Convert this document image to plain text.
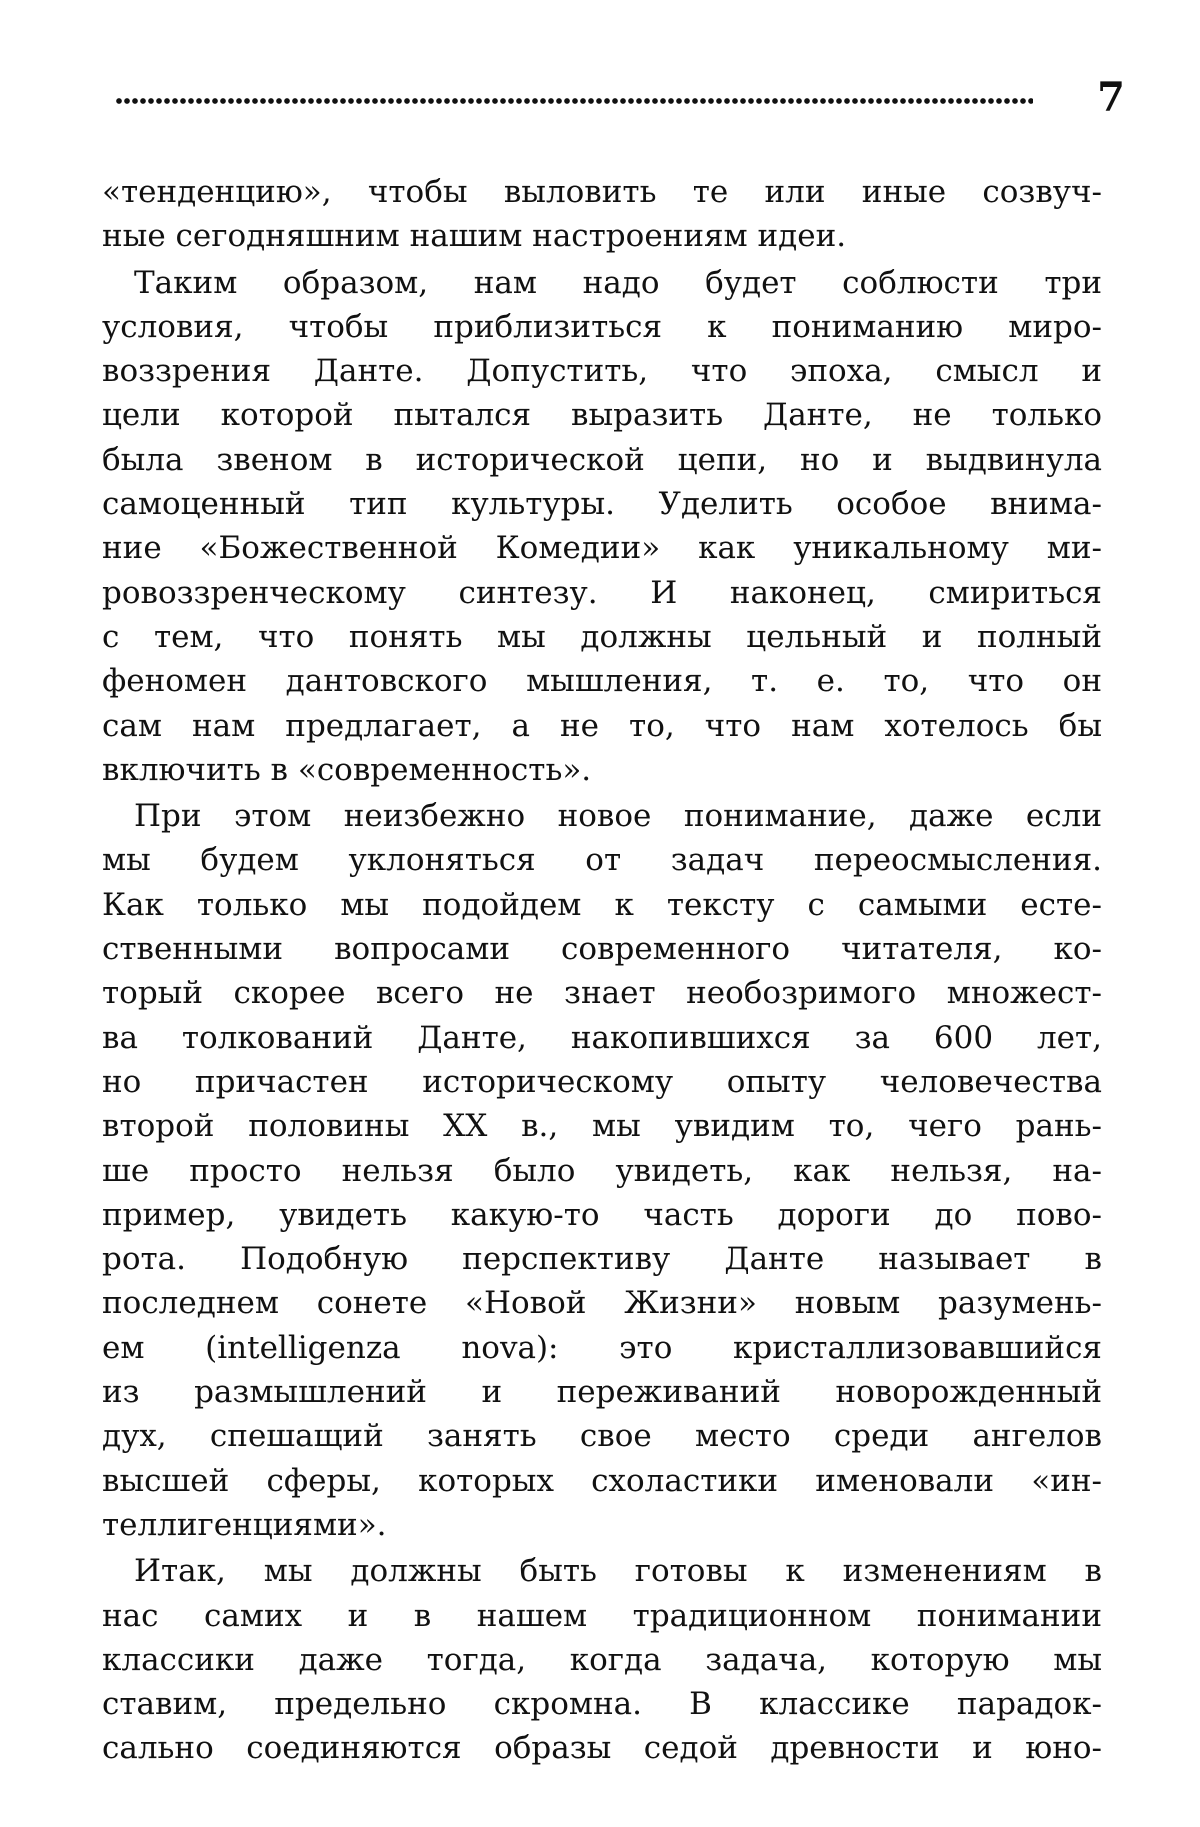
7
«тенденцию», чтобы выловить те или иные созвуч-
ные сегодняшним нашим настроениям идеи.
Таким образом, нам надо будет соблюсти три
условия, чтобы приблизиться к пониманию миро-
воззрения Данте. Допустить, что эпоха, смысл и
цели которой пытался выразить Данте, не только
была звеном в исторической цепи, но и выдвинула
самоценный тип культуры. Уделить особое внима-
ние «Божественной Комедии» как уникальному ми-
ровоззренческому синтезу. И наконец, смириться
с тем, что понять мы должны цельный и полный
феномен дантовского мышления, т. е. то, что он
сам нам предлагает, а не то, что нам хотелось бы
включить в «современность».
При этом неизбежно новое понимание, даже если
мы будем уклоняться от задач переосмысления.
Как только мы подойдем к тексту с самыми есте-
ственными вопросами современного читателя, ко-
торый скорее всего не знает необозримого множест-
ва толкований Данте, накопившихся за 600 лет,
но причастен историческому опыту человечества
второй половины XX в., мы увидим то, чего рань-
ше просто нельзя было увидеть, как нельзя, на-
пример, увидеть какую-то часть дороги до пово-
рота. Подобную перспективу Данте называет в
последнем сонете «Новой Жизни» новым разумень-
ем (intelligenza nova): это кристаллизовавшийся
из размышлений и переживаний новорожденный
дух, спешащий занять свое место среди ангелов
высшей сферы, которых схоластики именовали «ин-
теллигенциями».
Итак, мы должны быть готовы к изменениям в
нас самих и в нашем традиционном понимании
классики даже тогда, когда задача, которую мы
ставим, предельно скромна. В классике парадок-
сально соединяются образы седой древности и юно-
